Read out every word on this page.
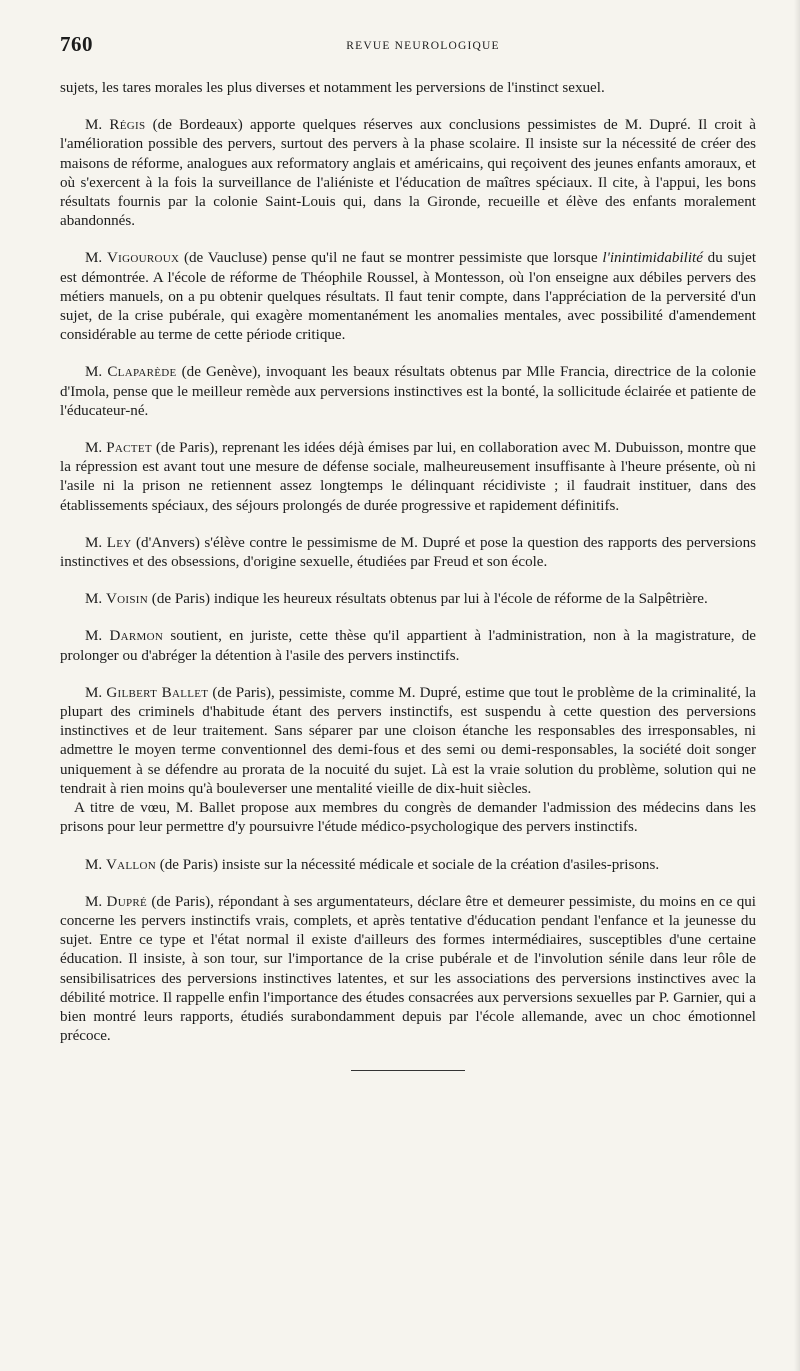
760	REVUE NEUROLOGIQUE

sujets, les tares morales les plus diverses et notamment les perversions de l'instinct sexuel.

M. Régis (de Bordeaux) apporte quelques réserves aux conclusions pessimistes de M. Dupré. Il croit à l'amélioration possible des pervers, surtout des pervers à la phase scolaire. Il insiste sur la nécessité de créer des maisons de réforme, analogues aux reformatory anglais et américains, qui reçoivent des jeunes enfants amoraux, et où s'exercent à la fois la surveillance de l'aliéniste et l'éducation de maîtres spéciaux. Il cite, à l'appui, les bons résultats fournis par la colonie Saint-Louis qui, dans la Gironde, recueille et élève des enfants moralement abandonnés.

M. Vigouroux (de Vaucluse) pense qu'il ne faut se montrer pessimiste que lorsque l'inintimidabilité du sujet est démontrée. A l'école de réforme de Théophile Roussel, à Montesson, où l'on enseigne aux débiles pervers des métiers manuels, on a pu obtenir quelques résultats. Il faut tenir compte, dans l'appréciation de la perversité d'un sujet, de la crise pubérale, qui exagère momentanément les anomalies mentales, avec possibilité d'amendement considérable au terme de cette période critique.

M. Claparède (de Genève), invoquant les beaux résultats obtenus par Mlle Francia, directrice de la colonie d'Imola, pense que le meilleur remède aux perversions instinctives est la bonté, la sollicitude éclairée et patiente de l'éducateur-né.

M. Pactet (de Paris), reprenant les idées déjà émises par lui, en collaboration avec M. Dubuisson, montre que la répression est avant tout une mesure de défense sociale, malheureusement insuffisante à l'heure présente, où ni l'asile ni la prison ne retiennent assez longtemps le délinquant récidiviste ; il faudrait instituer, dans des établissements spéciaux, des séjours prolongés de durée progressive et rapidement définitifs.

M. Ley (d'Anvers) s'élève contre le pessimisme de M. Dupré et pose la question des rapports des perversions instinctives et des obsessions, d'origine sexuelle, étudiées par Freud et son école.

M. Voisin (de Paris) indique les heureux résultats obtenus par lui à l'école de réforme de la Salpêtrière.

M. Darmon soutient, en juriste, cette thèse qu'il appartient à l'administration, non à la magistrature, de prolonger ou d'abréger la détention à l'asile des pervers instinctifs.

M. Gilbert Ballet (de Paris), pessimiste, comme M. Dupré, estime que tout le problème de la criminalité, la plupart des criminels d'habitude étant des pervers instinctifs, est suspendu à cette question des perversions instinctives et de leur traitement. Sans séparer par une cloison étanche les responsables des irresponsables, ni admettre le moyen terme conventionnel des demi-fous et des semi ou demi-responsables, la société doit songer uniquement à se défendre au prorata de la nocuité du sujet. Là est la vraie solution du problème, solution qui ne tendrait à rien moins qu'à bouleverser une mentalité vieille de dix-huit siècles.

A titre de vœu, M. Ballet propose aux membres du congrès de demander l'admission des médecins dans les prisons pour leur permettre d'y poursuivre l'étude médico-psychologique des pervers instinctifs.

M. Vallon (de Paris) insiste sur la nécessité médicale et sociale de la création d'asiles-prisons.

M. Dupré (de Paris), répondant à ses argumentateurs, déclare être et demeurer pessimiste, du moins en ce qui concerne les pervers instinctifs vrais, complets, et après tentative d'éducation pendant l'enfance et la jeunesse du sujet. Entre ce type et l'état normal il existe d'ailleurs des formes intermédiaires, susceptibles d'une certaine éducation. Il insiste, à son tour, sur l'importance de la crise pubérale et de l'involution sénile dans leur rôle de sensibilisatrices des perversions instinctives latentes, et sur les associations des perversions instinctives avec la débilité motrice. Il rappelle enfin l'importance des études consacrées aux perversions sexuelles par P. Garnier, qui a bien montré leurs rapports, étudiés surabondamment depuis par l'école allemande, avec un choc émotionnel précoce.
